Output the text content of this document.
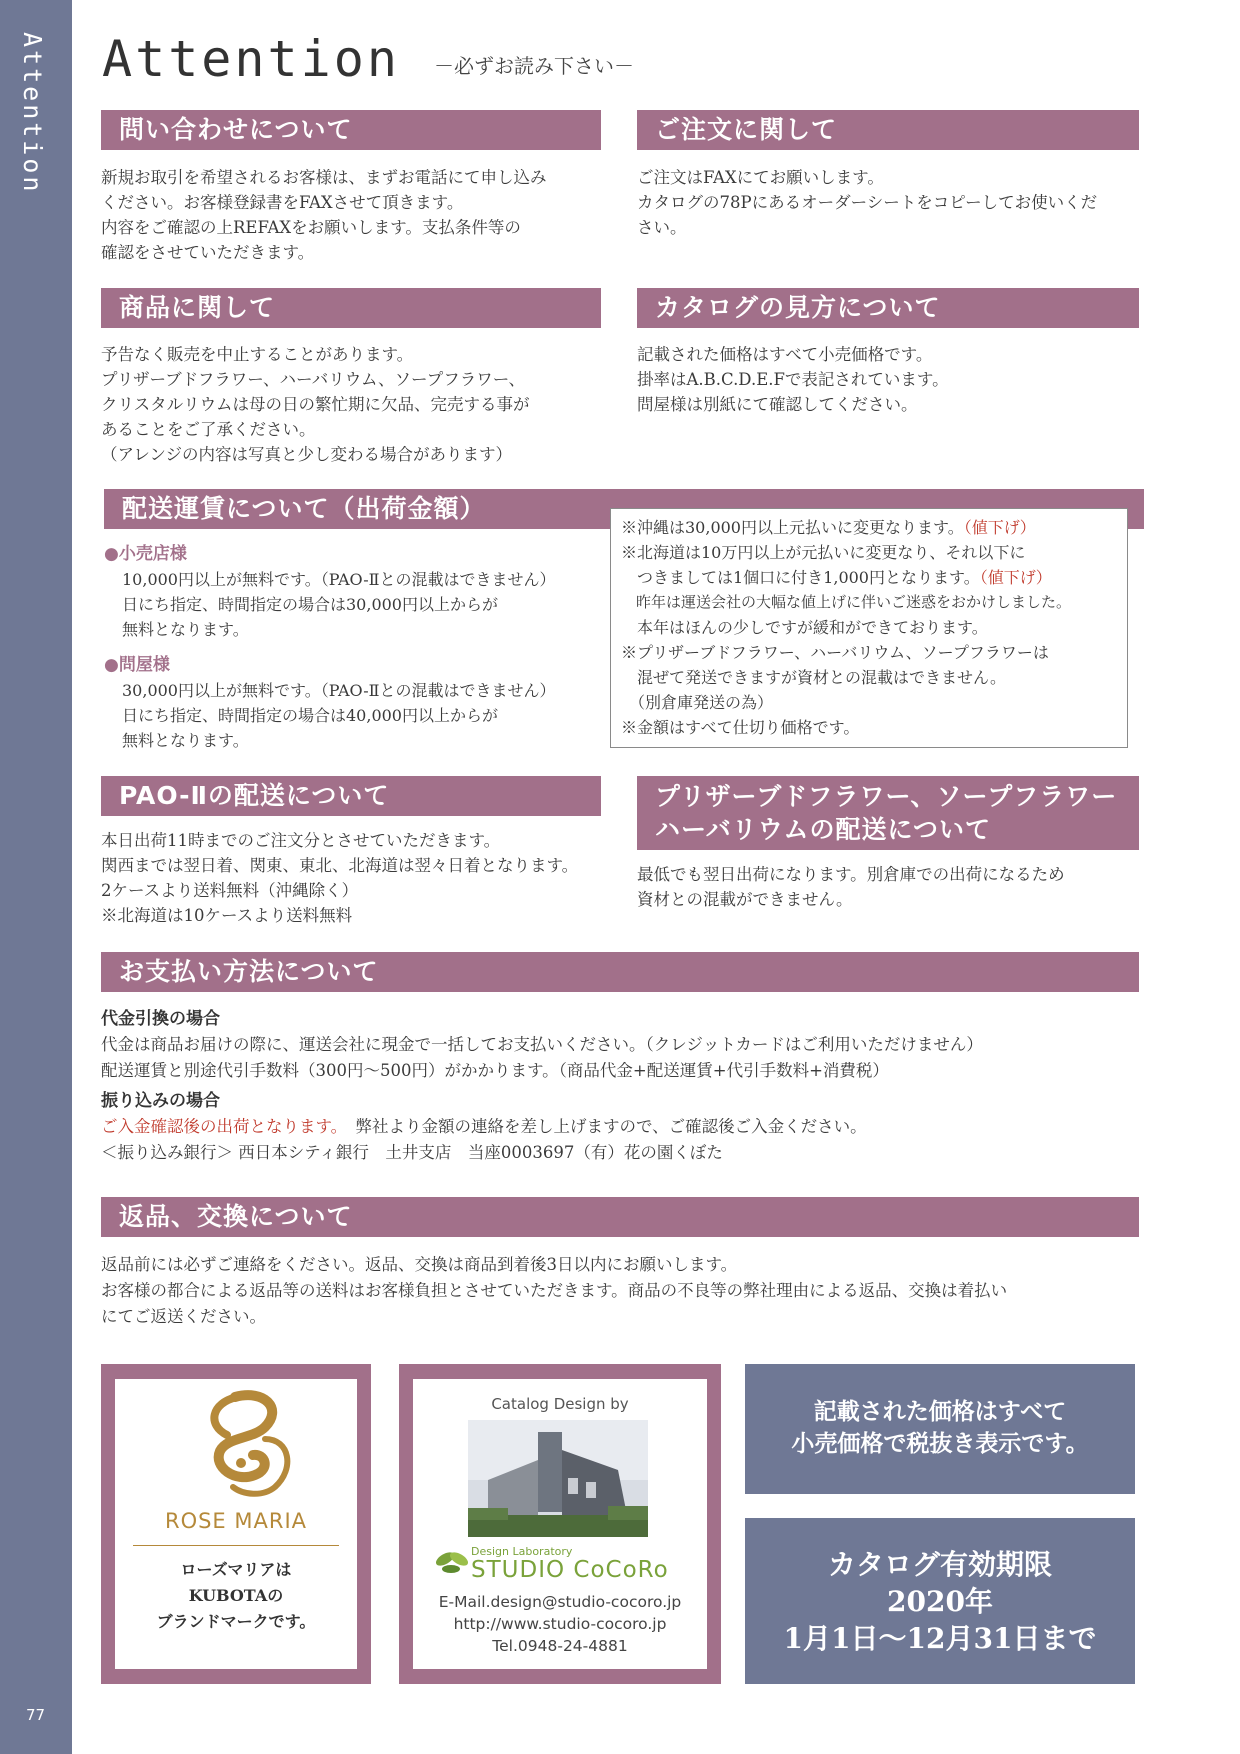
Attention
77
Attention －必ずお読み下さい－
問い合わせについて
新規お取引を希望されるお客様は、まずお電話にて申し込み
ください。お客様登録書をFAXさせて頂きます。
内容をご確認の上REFAXをお願いします。支払条件等の
確認をさせていただきます。
ご注文に関して
ご注文はFAXにてお願いします。
カタログの78Pにあるオーダーシートをコピーしてお使いくだ
さい。
商品に関して
予告なく販売を中止することがあります。
プリザーブドフラワー、ハーバリウム、ソープフラワー、
クリスタルリウムは母の日の繁忙期に欠品、完売する事が
あることをご了承ください。
（アレンジの内容は写真と少し変わる場合があります）
カタログの見方について
記載された価格はすべて小売価格です。
掛率はA.B.C.D.E.Fで表記されています。
問屋様は別紙にて確認してください。
配送運賃について（出荷金額）
●小売店様
10,000円以上が無料です。（PAO-Ⅱとの混載はできません）
日にち指定、時間指定の場合は30,000円以上からが
無料となります。
●問屋様
30,000円以上が無料です。（PAO-Ⅱとの混載はできません）
日にち指定、時間指定の場合は40,000円以上からが
無料となります。
※沖縄は30,000円以上元払いに変更なります。（値下げ）
※北海道は10万円以上が元払いに変更なり、それ以下に
　つきましては1個口に付き1,000円となります。（値下げ）
　昨年は運送会社の大幅な値上げに伴いご迷惑をおかけしました。
　本年はほんの少しですが緩和ができております。
※プリザーブドフラワー、ハーバリウム、ソープフラワーは
　混ぜて発送できますが資材との混載はできません。
　（別倉庫発送の為）
※金額はすべて仕切り価格です。
PAO-Ⅱの配送について
本日出荷11時までのご注文分とさせていただきます。
関西までは翌日着、関東、東北、北海道は翌々日着となります。
2ケースより送料無料（沖縄除く）
※北海道は10ケースより送料無料
プリザーブドフラワー、ソープフラワー
ハーバリウムの配送について
最低でも翌日出荷になります。別倉庫での出荷になるため
資材との混載ができません。
お支払い方法について
代金引換の場合
代金は商品お届けの際に、運送会社に現金で一括してお支払いください。（クレジットカードはご利用いただけません）
配送運賃と別途代引手数料（300円～500円）がかかります。（商品代金+配送運賃+代引手数料+消費税）
振り込みの場合
ご入金確認後の出荷となります。　弊社より金額の連絡を差し上げますので、ご確認後ご入金ください。
＜振り込み銀行＞ 西日本シティ銀行　土井支店　当座0003697（有）花の園くぼた
返品、交換について
返品前には必ずご連絡をください。返品、交換は商品到着後3日以内にお願いします。
お客様の都合による返品等の送料はお客様負担とさせていただきます。商品の不良等の弊社理由による返品、交換は着払い
にてご返送ください。
ROSE MARIA
ローズマリアは
KUBOTAの
ブランドマークです。
Catalog Design by
Design Laboratory
STUDIO CoCoRo
E-Mail.design@studio-cocoro.jp
http://www.studio-cocoro.jp
Tel.0948-24-4881
記載された価格はすべて
小売価格で税抜き表示です。
カタログ有効期限
2020年
1月1日～12月31日まで
